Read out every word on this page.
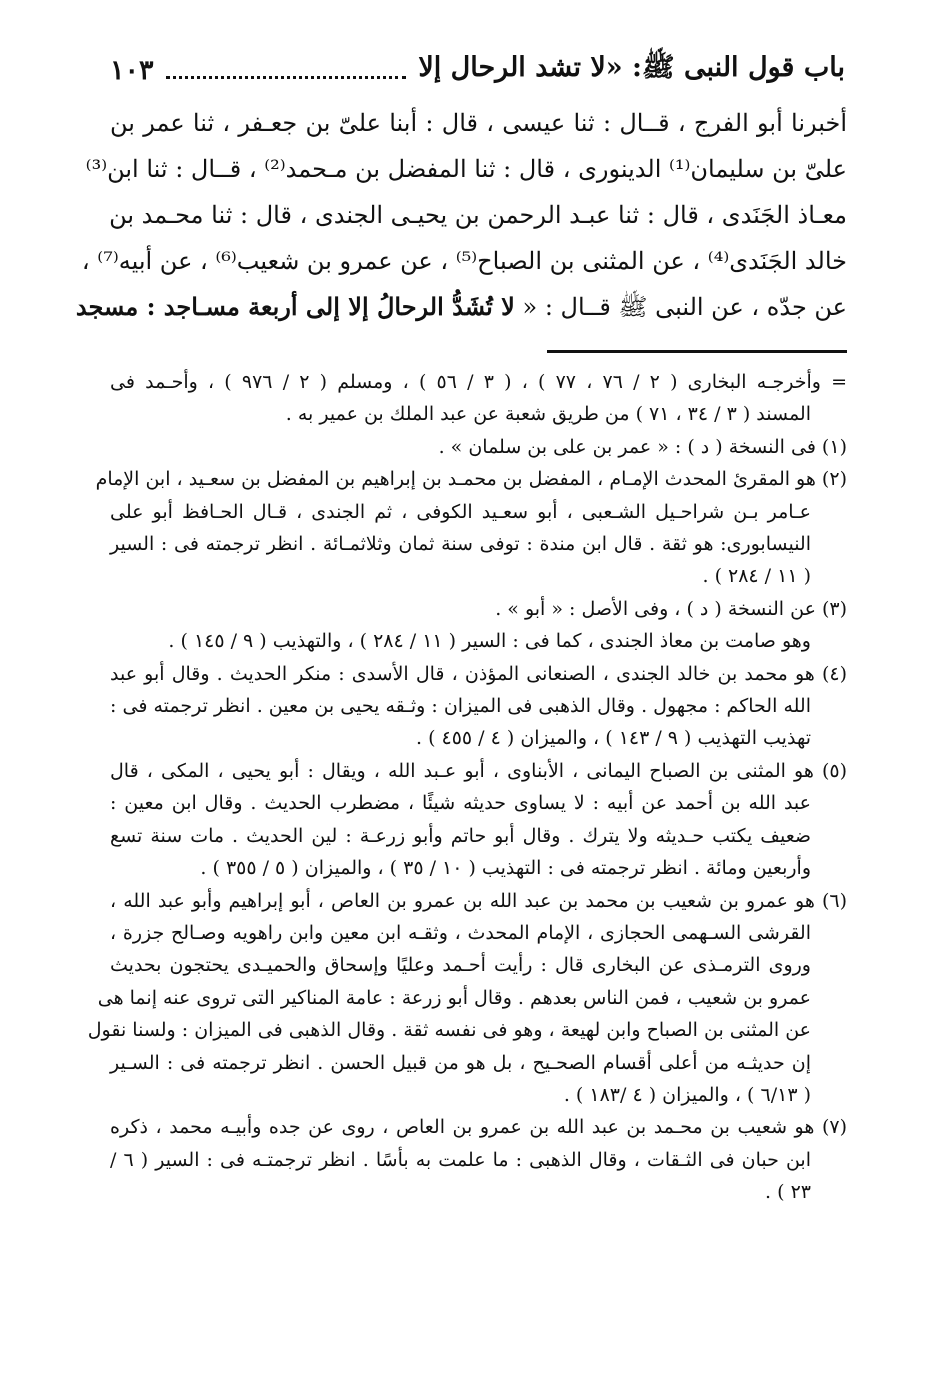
باب قول النبى ﷺ: «لا تشد الرحال إلا
١٠٣
أخبرنا أبو الفرج ، قــال : ثنا عيسى ، قال : أبنا علىّ بن جعـفر ، ثنا عمر بن
علىّ بن سليمان⁽¹⁾ الدينورى ، قال : ثنا المفضل بن مـحمد⁽²⁾ ، قــال : ثنا ابن⁽³⁾
معـاذ الجَنَدى ، قال : ثنا عبـد الرحمن بن يحيـى الجندى ، قال : ثنا محـمد بن
خالد الجَنَدى⁽⁴⁾ ، عن المثنى بن الصباح⁽⁵⁾ ، عن عمرو بن شعيب⁽⁶⁾ ، عن أبيه⁽⁷⁾ ،
عن جدّه ، عن النبى ﷺ قــال : « لا تُشَدُّ الرحالُ إلا إلى أربعة مسـاجد : مسجد
= وأخرجـه البخارى ( ٢ / ٧٦ ، ٧٧ ) ، ( ٣ / ٥٦ ) ، ومسلم ( ٢ / ٩٧٦ ) ، وأحـمد فى
المسند ( ٣ / ٣٤ ، ٧١ ) من طريق شعبة عن عبد الملك بن عمير به .
(١) فى النسخة ( د ) : « عمر بن على بن سلمان » .
(٢) هو المقرئ المحدث الإمـام ، المفضل بن محمـد بن إبراهيم بن المفضل بن سعـيد ، ابن الإمام
عـامر بـن شراحـيل الشـعبى ، أبو سعـيد الكوفى ، ثم الجندى ، قـال الحـافظ أبو على
النيسابورى: هو ثقة . قال ابن مندة : توفى سنة ثمان وثلاثمـائة . انظر ترجمته فى : السير
( ١١ / ٢٨٤ ) .
(٣) عن النسخة ( د ) ، وفى الأصل : « أبو » .
وهو صامت بن معاذ الجندى ، كما فى : السير ( ١١ / ٢٨٤ ) ، والتهذيب ( ٩ / ١٤٥ ) .
(٤) هو محمد بن خالد الجندى ، الصنعانى المؤذن ، قال الأسدى : منكر الحديث . وقال أبو عبد
الله الحاكم : مجهول . وقال الذهبى فى الميزان : وثـقه يحيى بن معين . انظر ترجمته فى :
تهذيب التهذيب ( ٩ / ١٤٣ ) ، والميزان ( ٤ / ٤٥٥ ) .
(٥) هو المثنى بن الصباح اليمانى ، الأبناوى ، أبو عـبد الله ، ويقال : أبو يحيى ، المكى ، قال
عبد الله بن أحمد عن أبيه : لا يساوى حديثه شيئًا ، مضطرب الحديث . وقال ابن معين :
ضعيف يكتب حـديثه ولا يترك . وقال أبو حاتم وأبو زرعـة : لين الحديث . مات سنة تسع
وأربعين ومائة . انظر ترجمته فى : التهذيب ( ١٠ / ٣٥ ) ، والميزان ( ٥ / ٣٥٥ ) .
(٦) هو عمرو بن شعيب بن محمد بن عبد الله بن عمرو بن العاص ، أبو إبراهيم وأبو عبد الله ،
القرشى السـهمى الحجازى ، الإمام المحدث ، وثقـه ابن معين وابن راهويه وصـالح جزرة ،
وروى الترمـذى عن البخارى قال : رأيت أحـمد وعليًا وإسحاق والحميـدى يحتجون بحديث
عمرو بن شعيب ، فمن الناس بعدهم . وقال أبو زرعة : عامة المناكير التى تروى عنه إنما هى
عن المثنى بن الصباح وابن لهيعة ، وهو فى نفسه ثقة . وقال الذهبى فى الميزان : ولسنا نقول
إن حديثـه من أعلى أقسام الصحـيح ، بل هو من قبيل الحسن . انظر ترجمته فى : السـير
( ٦/١٣ ) ، والميزان ( ٤ /١٨٣ ) .
(٧) هو شعيب بن محـمد بن عبد الله بن عمرو بن العاص ، روى عن جده وأبيـه محمد ، ذكره
ابن حبان فى الثـقات ، وقال الذهبى : ما علمت به بأسًا . انظر ترجمتـه فى : السير ( ٦ /
٢٣ ) .
